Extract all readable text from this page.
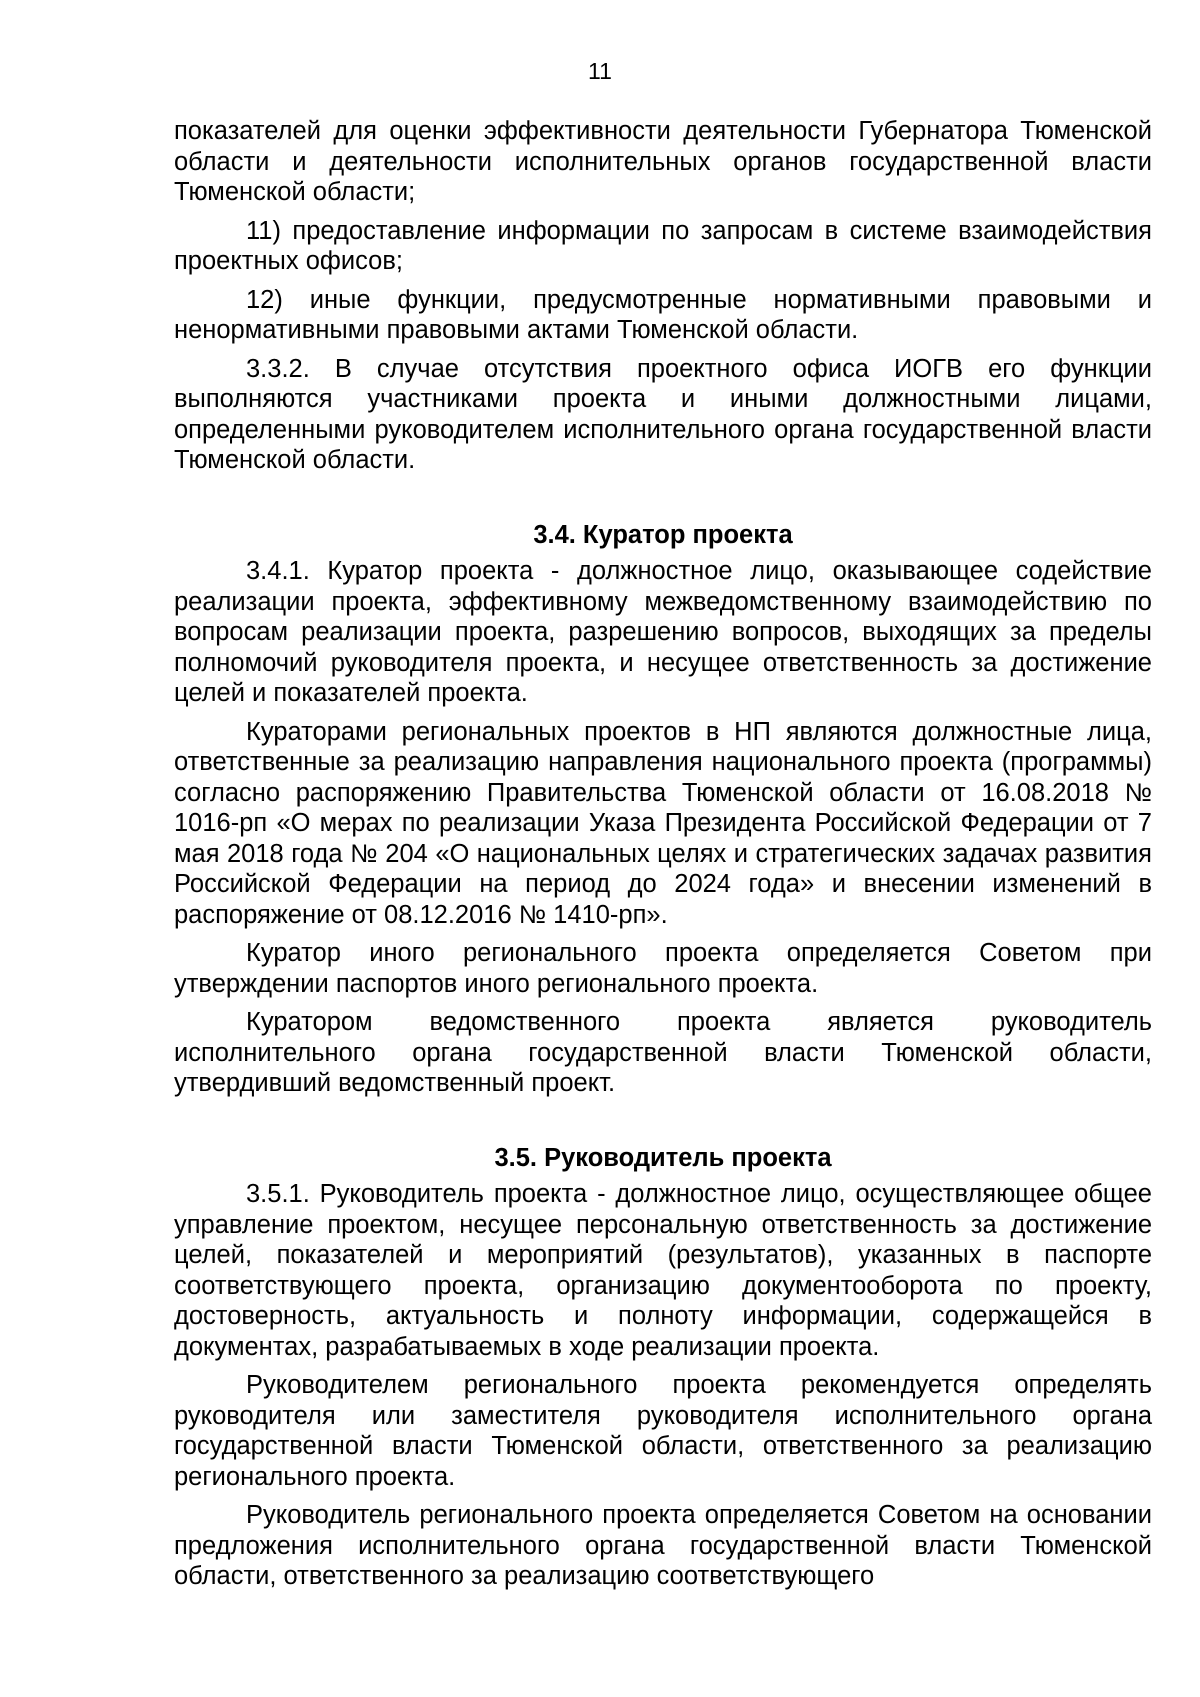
11

показателей для оценки эффективности деятельности Губернатора Тюменской области и деятельности исполнительных органов государственной власти Тюменской области;

11) предоставление информации по запросам в системе взаимодействия проектных офисов;

12) иные функции, предусмотренные нормативными правовыми и ненормативными правовыми актами Тюменской области.

3.3.2. В случае отсутствия проектного офиса ИОГВ его функции выполняются участниками проекта и иными должностными лицами, определенными руководителем исполнительного органа государственной власти Тюменской области.

3.4. Куратор проекта

3.4.1. Куратор проекта - должностное лицо, оказывающее содействие реализации проекта, эффективному межведомственному взаимодействию по вопросам реализации проекта, разрешению вопросов, выходящих за пределы полномочий руководителя проекта, и несущее ответственность за достижение целей и показателей проекта.

Кураторами региональных проектов в НП являются должностные лица, ответственные за реализацию направления национального проекта (программы) согласно распоряжению Правительства Тюменской области от 16.08.2018 № 1016-рп «О мерах по реализации Указа Президента Российской Федерации от 7 мая 2018 года № 204 «О национальных целях и стратегических задачах развития Российской Федерации на период до 2024 года» и внесении изменений в распоряжение от 08.12.2016 № 1410-рп».

Куратор иного регионального проекта определяется Советом при утверждении паспортов иного регионального проекта.

Куратором ведомственного проекта является руководитель исполнительного органа государственной власти Тюменской области, утвердивший ведомственный проект.

3.5. Руководитель проекта

3.5.1. Руководитель проекта - должностное лицо, осуществляющее общее управление проектом, несущее персональную ответственность за достижение целей, показателей и мероприятий (результатов), указанных в паспорте соответствующего проекта, организацию документооборота по проекту, достоверность, актуальность и полноту информации, содержащейся в документах, разрабатываемых в ходе реализации проекта.

Руководителем регионального проекта рекомендуется определять руководителя или заместителя руководителя исполнительного органа государственной власти Тюменской области, ответственного за реализацию регионального проекта.

Руководитель регионального проекта определяется Советом на основании предложения исполнительного органа государственной власти Тюменской области, ответственного за реализацию соответствующего
